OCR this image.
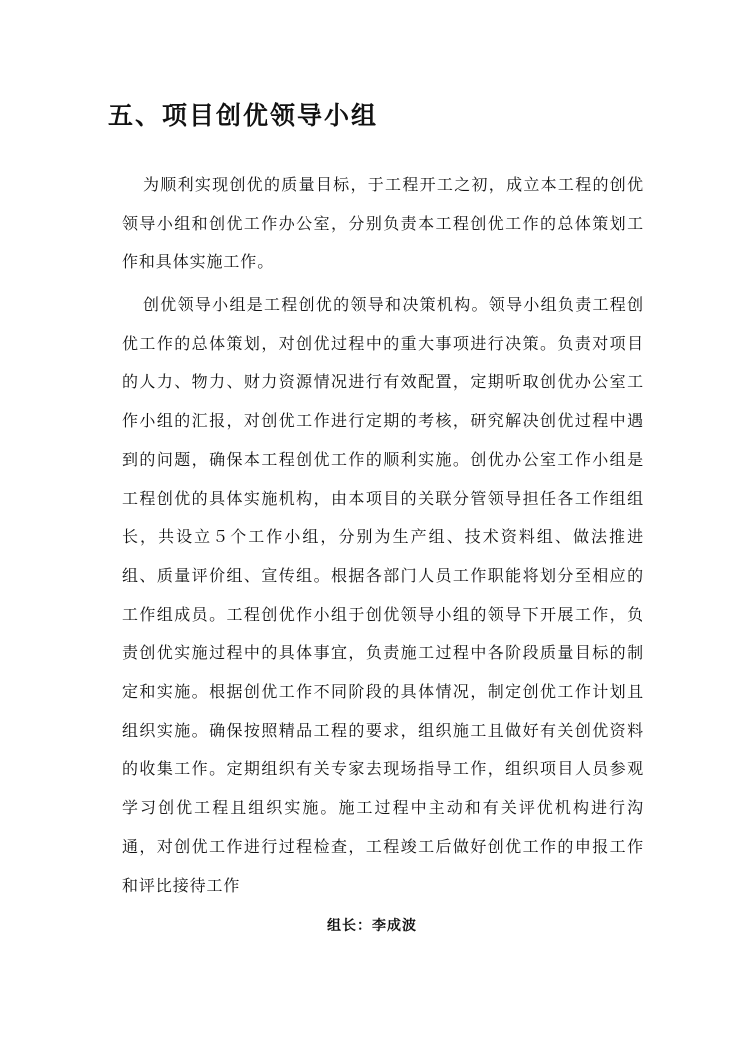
五、项目创优领导小组

为顺利实现创优的质量目标，于工程开工之初，成立本工程的创优领导小组和创优工作办公室，分别负责本工程创优工作的总体策划工作和具体实施工作。

创优领导小组是工程创优的领导和决策机构。领导小组负责工程创优工作的总体策划，对创优过程中的重大事项进行决策。负责对项目的人力、物力、财力资源情况进行有效配置，定期听取创优办公室工作小组的汇报，对创优工作进行定期的考核，研究解决创优过程中遇到的问题，确保本工程创优工作的顺利实施。创优办公室工作小组是工程创优的具体实施机构，由本项目的关联分管领导担任各工作组组长，共设立５个工作小组，分别为生产组、技术资料组、做法推进组、质量评价组、宣传组。根据各部门人员工作职能将划分至相应的工作组成员。工程创优作小组于创优领导小组的领导下开展工作，负责创优实施过程中的具体事宜，负责施工过程中各阶段质量目标的制定和实施。根据创优工作不同阶段的具体情况，制定创优工作计划且组织实施。确保按照精品工程的要求，组织施工且做好有关创优资料的收集工作。定期组织有关专家去现场指导工作，组织项目人员参观学习创优工程且组织实施。施工过程中主动和有关评优机构进行沟通，对创优工作进行过程检查，工程竣工后做好创优工作的申报工作和评比接待工作

组长：李成波
